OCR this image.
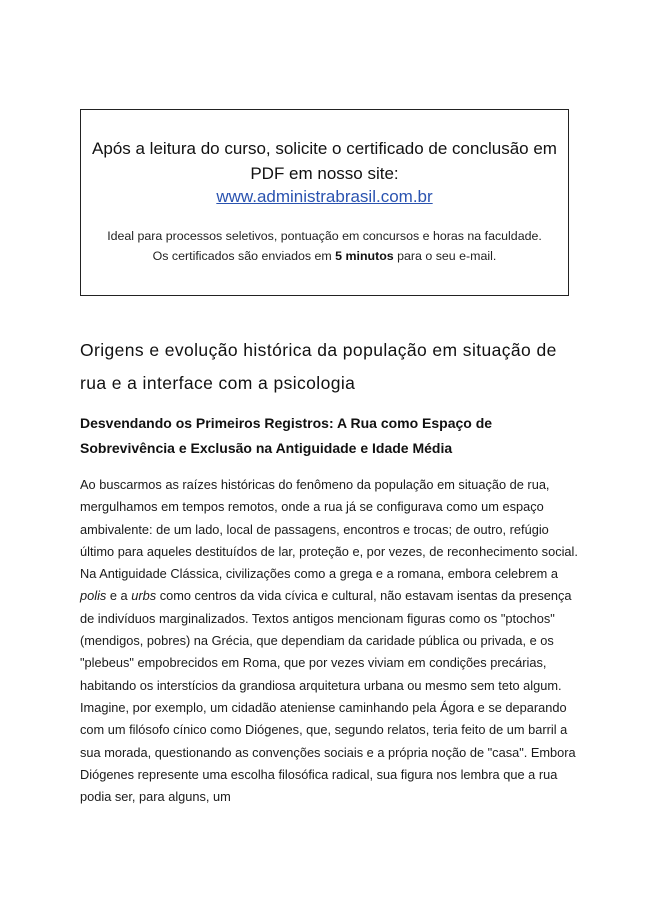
Após a leitura do curso, solicite o certificado de conclusão em PDF em nosso site:
www.administrabrasil.com.br
Ideal para processos seletivos, pontuação em concursos e horas na faculdade.
Os certificados são enviados em 5 minutos para o seu e-mail.
Origens e evolução histórica da população em situação de rua e a interface com a psicologia
Desvendando os Primeiros Registros: A Rua como Espaço de Sobrevivência e Exclusão na Antiguidade e Idade Média

Ao buscarmos as raízes históricas do fenômeno da população em situação de rua, mergulhamos em tempos remotos, onde a rua já se configurava como um espaço ambivalente: de um lado, local de passagens, encontros e trocas; de outro, refúgio último para aqueles destituídos de lar, proteção e, por vezes, de reconhecimento social. Na Antiguidade Clássica, civilizações como a grega e a romana, embora celebrem a polis e a urbs como centros da vida cívica e cultural, não estavam isentas da presença de indivíduos marginalizados. Textos antigos mencionam figuras como os "ptochos" (mendigos, pobres) na Grécia, que dependiam da caridade pública ou privada, e os "plebeus" empobrecidos em Roma, que por vezes viviam em condições precárias, habitando os interstícios da grandiosa arquitetura urbana ou mesmo sem teto algum. Imagine, por exemplo, um cidadão ateniense caminhando pela Ágora e se deparando com um filósofo cínico como Diógenes, que, segundo relatos, teria feito de um barril a sua morada, questionando as convenções sociais e a própria noção de "casa". Embora Diógenes represente uma escolha filosófica radical, sua figura nos lembra que a rua podia ser, para alguns, um
